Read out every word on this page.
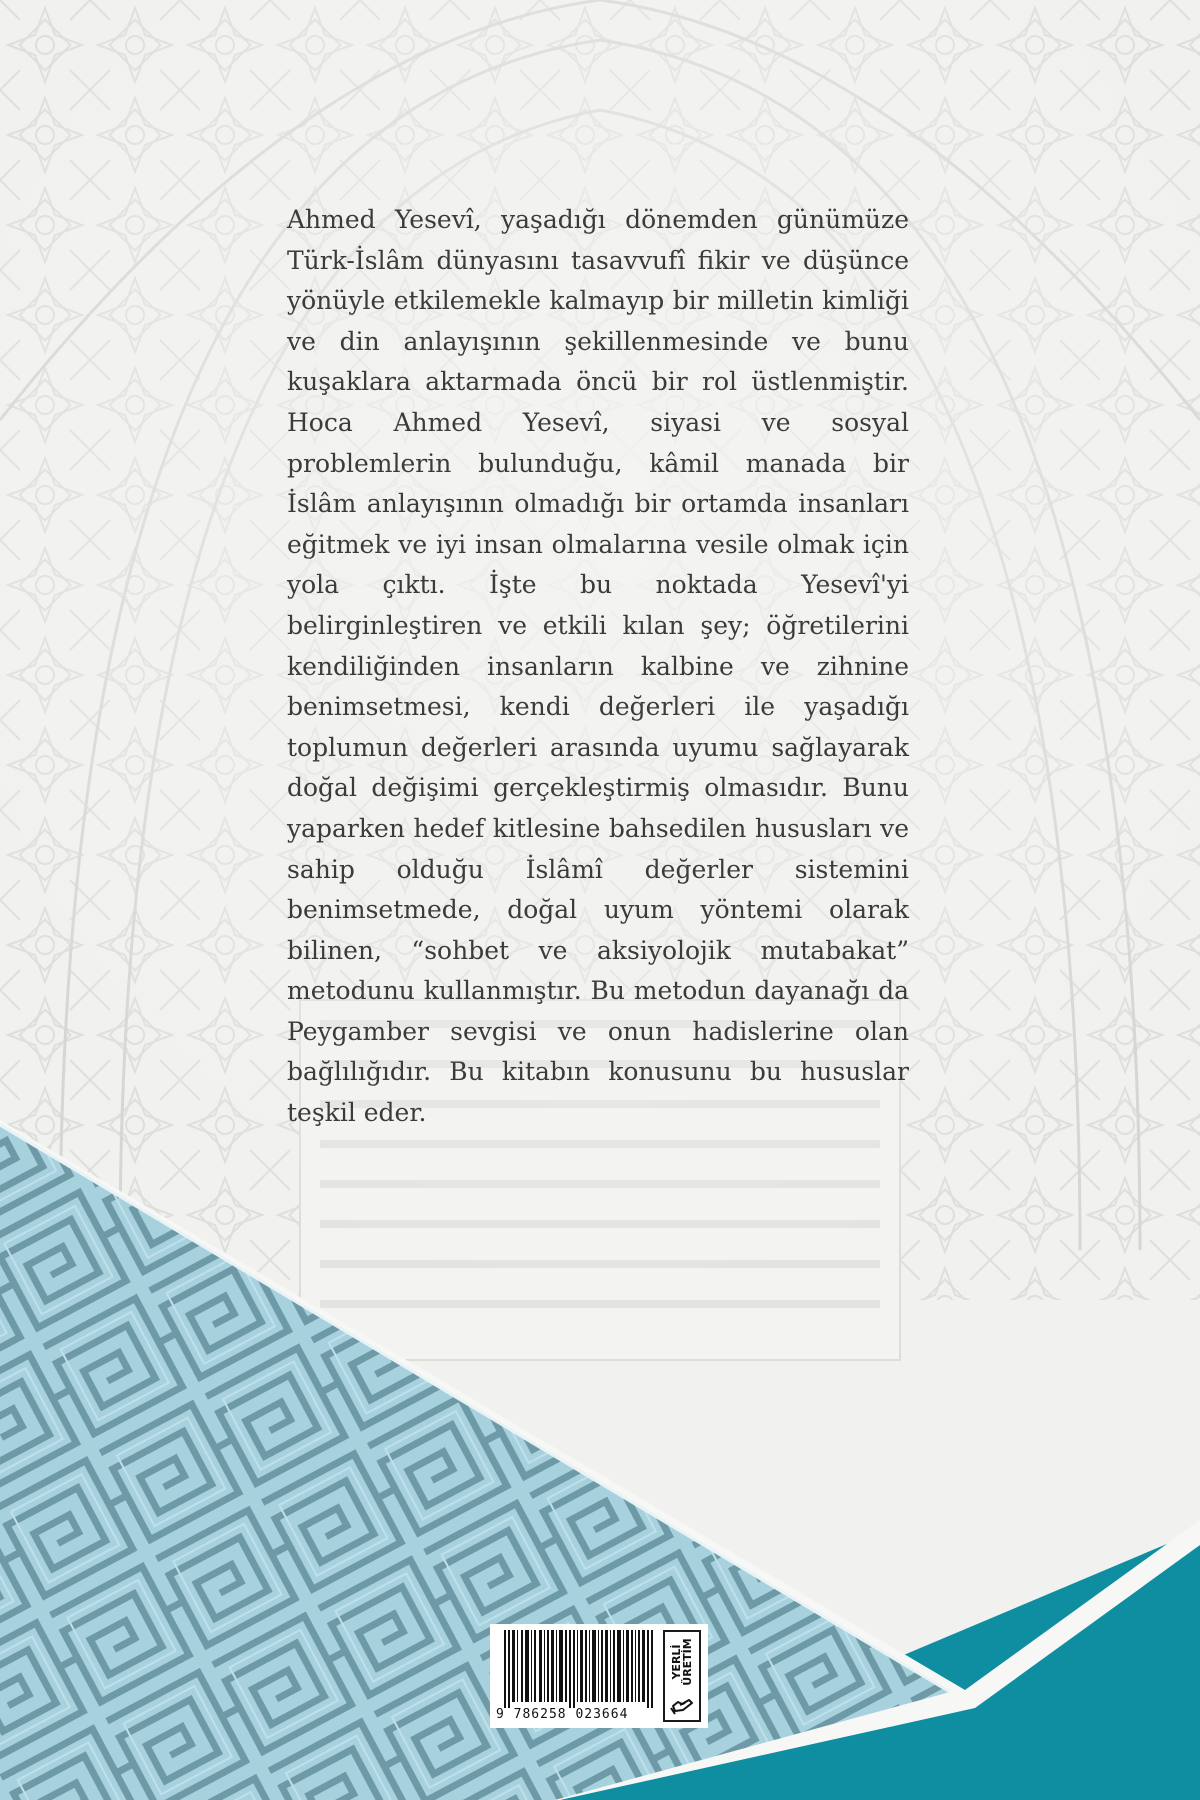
Ahmed Yesevî, yaşadığı dönemden günümüze Türk-İslâm dünyasını tasavvufî fikir ve düşünce yönüyle etkilemekle kalmayıp bir milletin kimliği ve din anlayışının şekillenmesinde ve bunu kuşaklara aktarmada öncü bir rol üstlenmiştir. Hoca Ahmed Yesevî, siyasi ve sosyal problemlerin bulunduğu, kâmil manada bir İslâm anlayışının olmadığı bir ortamda insanları eğitmek ve iyi insan olmalarına vesile olmak için yola çıktı. İşte bu noktada Yesevî'yi belirginleştiren ve etkili kılan şey; öğretilerini kendiliğinden insanların kalbine ve zihnine benimsetmesi, kendi değerleri ile yaşadığı toplumun değerleri arasında uyumu sağlayarak doğal değişimi gerçekleştirmiş olmasıdır. Bunu yaparken hedef kitlesine bahsedilen hususları ve sahip olduğu İslâmî değerler sistemini benimsetmede, doğal uyum yöntemi olarak bilinen, “sohbet ve aksiyolojik mutabakat” metodunu kullanmıştır. Bu metodun dayanağı da Peygamber sevgisi ve onun hadislerine olan bağlılığıdır. Bu kitabın konusunu bu hususlar teşkil eder.

9 786258 023664
YERLİ
ÜRETİM
